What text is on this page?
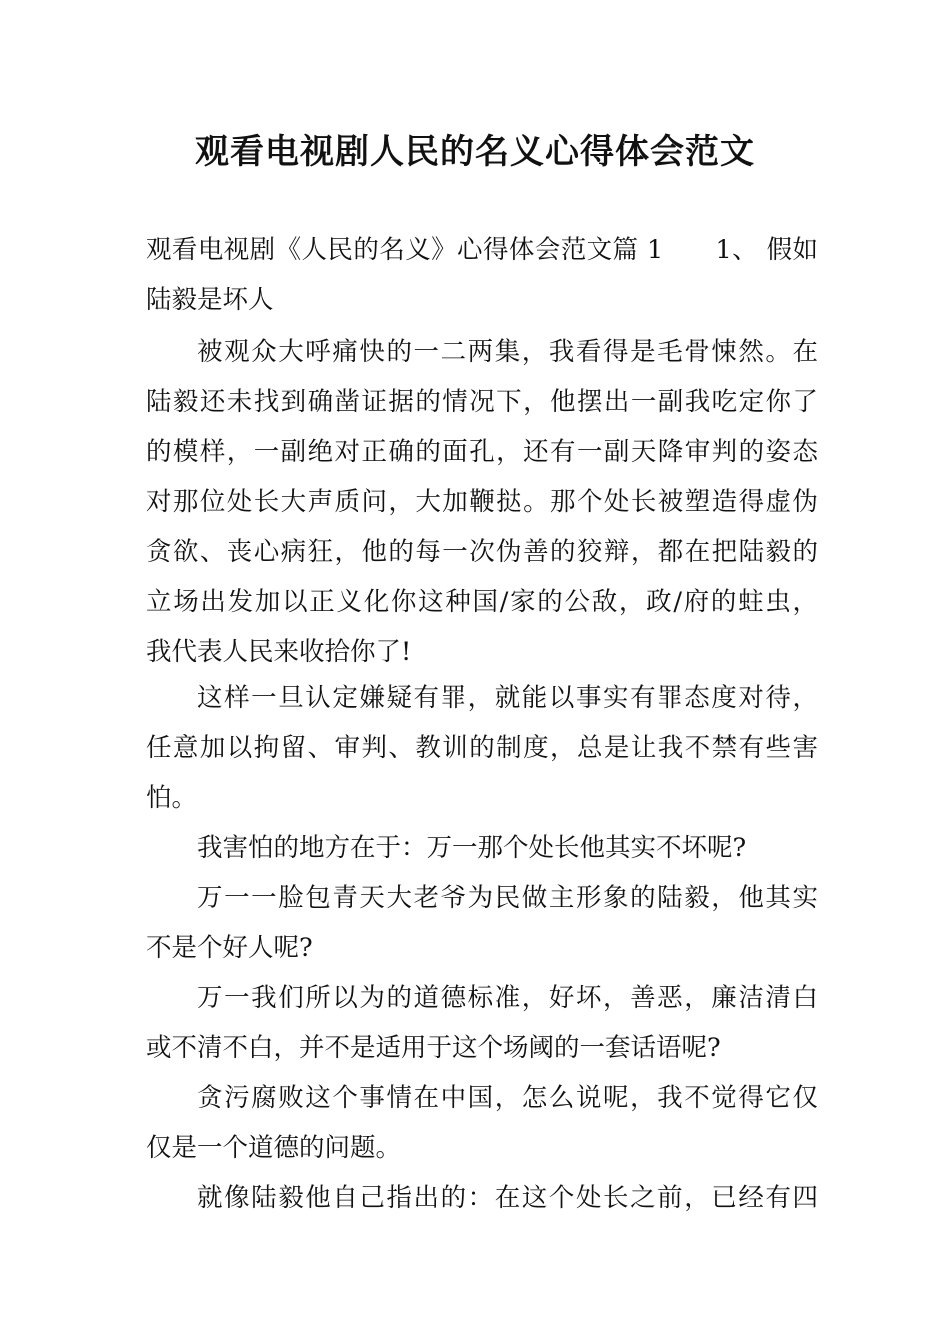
观看电视剧人民的名义心得体会范文
观看电视剧《人民的名义》心得体会范文篇 1　　1、 假如
陆毅是坏人
被观众大呼痛快的一二两集，我看得是毛骨悚然。在
陆毅还未找到确凿证据的情况下，他摆出一副我吃定你了
的模样，一副绝对正确的面孔，还有一副天降审判的姿态
对那位处长大声质问，大加鞭挞。那个处长被塑造得虚伪
贪欲、丧心病狂，他的每一次伪善的狡辩，都在把陆毅的
立场出发加以正义化你这种国/家的公敌，政/府的蛀虫，
我代表人民来收拾你了!
这样一旦认定嫌疑有罪，就能以事实有罪态度对待，
任意加以拘留、审判、教训的制度，总是让我不禁有些害
怕。
我害怕的地方在于：万一那个处长他其实不坏呢?
万一一脸包青天大老爷为民做主形象的陆毅，他其实
不是个好人呢?
万一我们所以为的道德标准，好坏，善恶，廉洁清白
或不清不白，并不是适用于这个场阈的一套话语呢?
贪污腐败这个事情在中国，怎么说呢，我不觉得它仅
仅是一个道德的问题。
就像陆毅他自己指出的：在这个处长之前，已经有四
